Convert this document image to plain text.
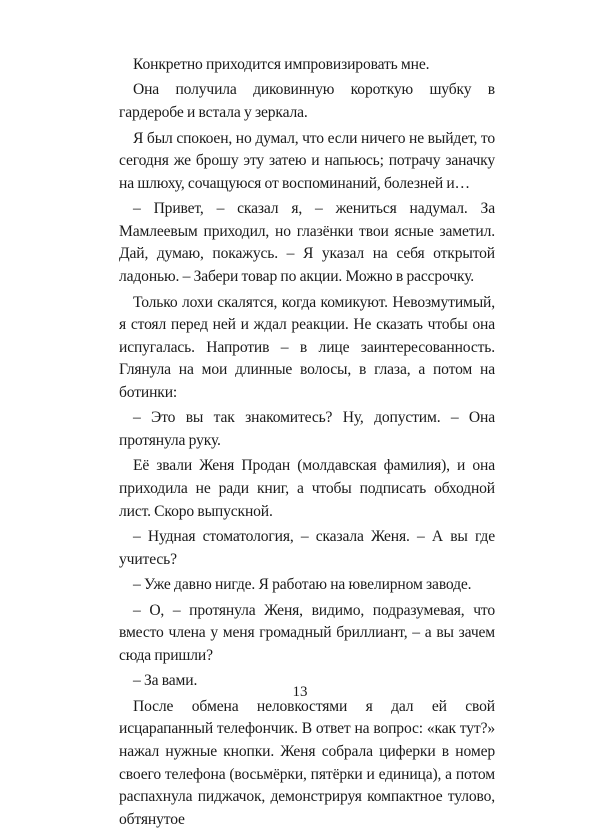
Конкретно приходится импровизировать мне.

Она получила диковинную короткую шубку в гардеробе и встала у зеркала.

Я был спокоен, но думал, что если ничего не выйдет, то сегодня же брошу эту затею и напьюсь; потрачу заначку на шлюху, сочащуюся от воспоминаний, болезней и…

– Привет, – сказал я, – жениться надумал. За Мамлеевым приходил, но глазёнки твои ясные заметил. Дай, думаю, покажусь. – Я указал на себя открытой ладонью. – Забери товар по акции. Можно в рассрочку.

Только лохи скалятся, когда комикуют. Невозмутимый, я стоял перед ней и ждал реакции. Не сказать чтобы она испугалась. Напротив – в лице заинтересованность. Глянула на мои длинные волосы, в глаза, а потом на ботинки:

– Это вы так знакомитесь? Ну, допустим. – Она протянула руку.

Её звали Женя Продан (молдавская фамилия), и она приходила не ради книг, а чтобы подписать обходной лист. Скоро выпускной.

– Нудная стоматология, – сказала Женя. – А вы где учитесь?

– Уже давно нигде. Я работаю на ювелирном заводе.

– О, – протянула Женя, видимо, подразумевая, что вместо члена у меня громадный бриллиант, – а вы зачем сюда пришли?

– За вами.

После обмена неловкостями я дал ей свой исцарапанный телефончик. В ответ на вопрос: «как тут?» нажал нужные кнопки. Женя собрала циферки в номер своего телефона (восьмёрки, пятёрки и единица), а потом распахнула пиджачок, демонстрируя компактное тулово, обтянутое

13
